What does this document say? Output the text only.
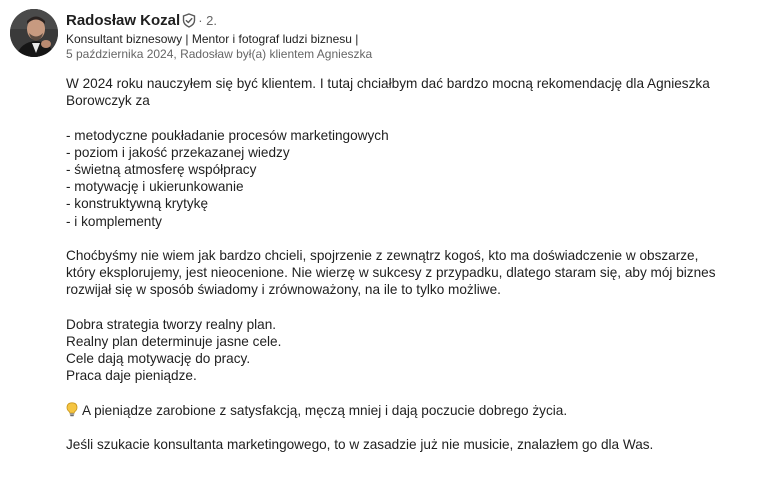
Radosław Kozal · 2.
Konsultant biznesowy | Mentor i fotograf ludzi biznesu |
5 października 2024, Radosław był(a) klientem Agnieszka
W 2024 roku nauczyłem się być klientem. I tutaj chciałbym dać bardzo mocną rekomendację dla Agnieszka
Borowczyk za
- metodyczne poukładanie procesów marketingowych
- poziom i jakość przekazanej wiedzy
- świetną atmosferę współpracy
- motywację i ukierunkowanie
- konstruktywną krytykę
- i komplementy
Choćbyśmy nie wiem jak bardzo chcieli, spojrzenie z zewnątrz kogoś, kto ma doświadczenie w obszarze,
który eksplorujemy, jest nieocenione. Nie wierzę w sukcesy z przypadku, dlatego staram się, aby mój biznes
rozwijał się w sposób świadomy i zrównoważony, na ile to tylko możliwe.
Dobra strategia tworzy realny plan.
Realny plan determinuje jasne cele.
Cele dają motywację do pracy.
Praca daje pieniądze.
A pieniądze zarobione z satysfakcją, męczą mniej i dają poczucie dobrego życia.
Jeśli szukacie konsultanta marketingowego, to w zasadzie już nie musicie, znalazłem go dla Was.
